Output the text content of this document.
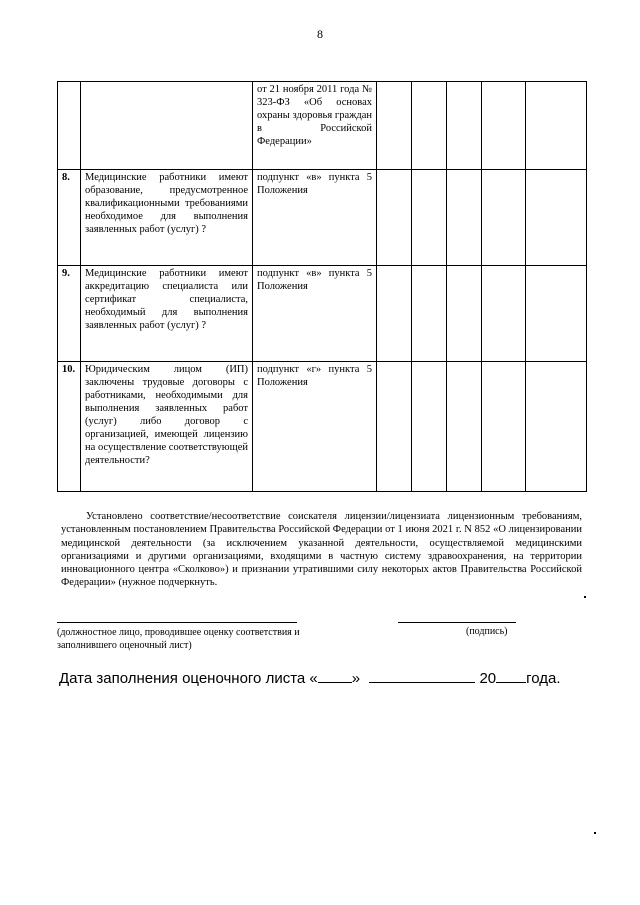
8
		от 21 ноября 2011 года № 323-ФЗ «Об основах охраны здоровья граждан в Российской Федерации»					
8.	Медицинские работники имеют образование, предусмотренное квалификационными требованиями необходимое для выполнения заявленных работ (услуг) ?	подпункт «в» пункта 5 Положения					
9.	Медицинские работники имеют аккредитацию специалиста или сертификат специалиста, необходимый для выполнения заявленных работ (услуг) ?	подпункт «в» пункта 5 Положения					
10.	Юридическим лицом (ИП) заключены трудовые договоры с работниками, необходимыми для выполнения заявленных работ (услуг) либо договор с организацией, имеющей лицензию на осуществление соответствующей деятельности?	подпункт «г» пункта 5 Положения					

Установлено соответствие/несоответствие соискателя лицензии/лицензиата лицензионным требованиям, установленным постановлением Правительства Российской Федерации от 1 июня 2021 г. N 852 «О лицензировании медицинской деятельности (за исключением указанной деятельности, осуществляемой медицинскими организациями и другими организациями, входящими в частную систему здравоохранения, на территории инновационного центра «Сколково») и признании утратившими силу некоторых актов Правительства Российской Федерации» (нужное подчеркнуть.

(должностное лицо, проводившее оценку соответствия и заполнившего оценочный лист)
(подпись)
Дата заполнения оценочного листа « »	20 года.
